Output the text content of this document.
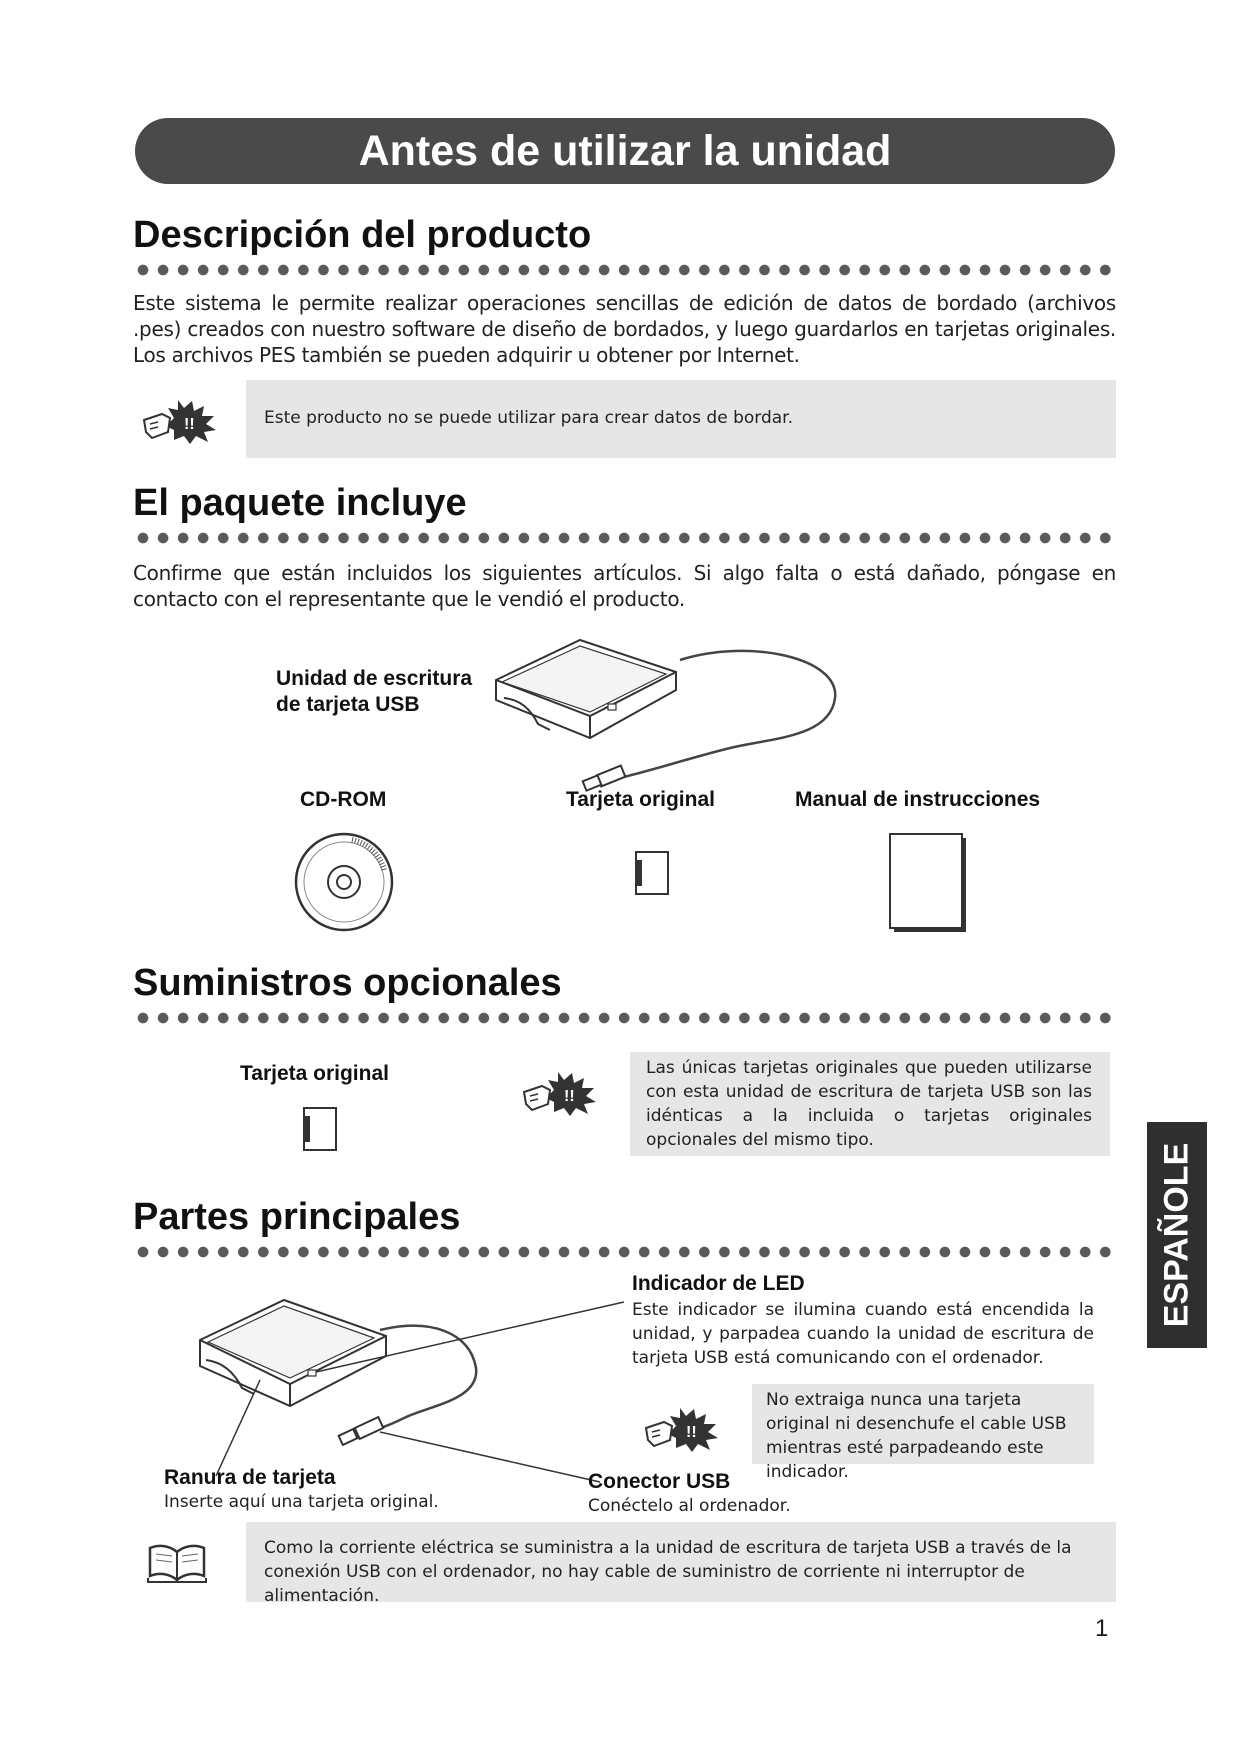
Antes de utilizar la unidad
Descripción del producto
Este sistema le permite realizar operaciones sencillas de edición de datos de bordado (archivos .pes) creados con nuestro software de diseño de bordados, y luego guardarlos en tarjetas originales. Los archivos PES también se pueden adquirir u obtener por Internet.
!!	Este producto no se puede utilizar para crear datos de bordar.
El paquete incluye
Confirme que están incluidos los siguientes artículos. Si algo falta o está dañado, póngase en contacto con el representante que le vendió el producto.
Unidad de escritura
de tarjeta USB
CD-ROM	Tarjeta original	Manual de instrucciones
Suministros opcionales
Tarjeta original
!!
Las únicas tarjetas originales que pueden utilizarse con esta unidad de escritura de tarjeta USB son las idénticas a la incluida o tarjetas originales opcionales del mismo tipo.
Partes principales
Indicador de LED
Este indicador se ilumina cuando está encendida la unidad, y parpadea cuando la unidad de escritura de tarjeta USB está comunicando con el ordenador.
!!
No extraiga nunca una tarjeta original ni desenchufe el cable USB mientras esté parpadeando este indicador.
Ranura de tarjeta
Inserte aquí una tarjeta original.
Conector USB
Conéctelo al ordenador.
Como la corriente eléctrica se suministra a la unidad de escritura de tarjeta USB a través de la conexión USB con el ordenador, no hay cable de suministro de corriente ni interruptor de alimentación.
ESPAÑOLE
1
